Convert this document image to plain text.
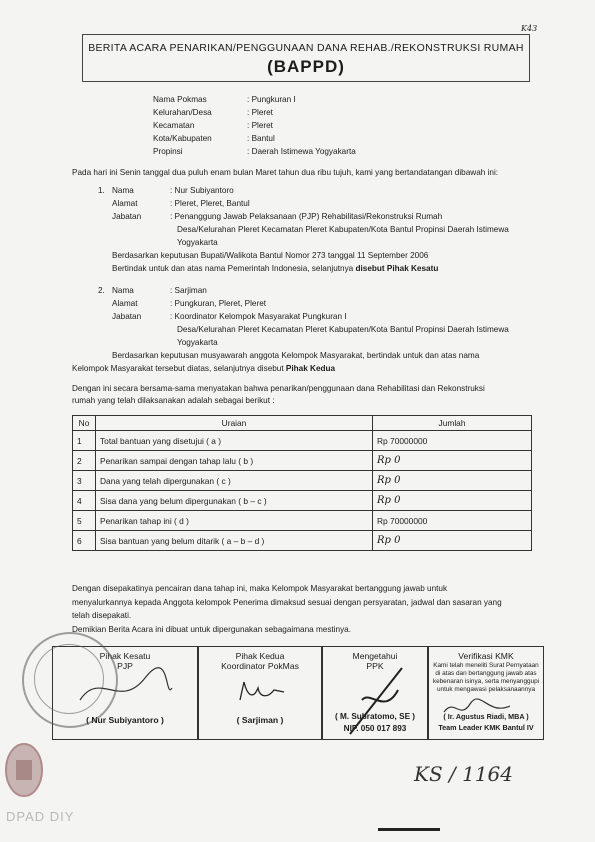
K43
BERITA ACARA PENARIKAN/PENGGUNAAN DANA REHAB./REKONSTRUKSI RUMAH
(BAPPD)
Nama Pokmas	: Pungkuran I
Kelurahan/Desa	: Pleret
Kecamatan	: Pleret
Kota/Kabupaten	: Bantul
Propinsi	: Daerah Istimewa Yogyakarta
Pada hari ini Senin tanggal dua puluh enam bulan Maret tahun dua ribu tujuh, kami yang bertandatangan dibawah ini:
1. Nama	: Nur Subiyantoro
Alamat	: Pleret, Pleret, Bantul
Jabatan	: Penanggung Jawab Pelaksanaan (PJP) Rehabilitasi/Rekonstruksi Rumah
Desa/Kelurahan Pleret Kecamatan Pleret Kabupaten/Kota Bantul Propinsi Daerah Istimewa
Yogyakarta
Berdasarkan keputusan Bupati/Walikota Bantul Nomor 273 tanggal 11 September 2006
Bertindak untuk dan atas nama Pemerintah Indonesia, selanjutnya disebut Pihak Kesatu
2. Nama	: Sarjiman
Alamat	: Pungkuran, Pleret, Pleret
Jabatan	: Koordinator Kelompok Masyarakat Pungkuran I
Desa/Kelurahan Pleret Kecamatan Pleret Kabupaten/Kota Bantul Propinsi Daerah Istimewa
Yogyakarta
Berdasarkan keputusan musyawarah anggota Kelompok Masyarakat, bertindak untuk dan atas nama
Kelompok Masyarakat tersebut diatas, selanjutnya disebut Pihak Kedua
Dengan ini secara bersama-sama menyatakan bahwa penarikan/penggunaan dana Rehabilitasi dan Rekonstruksi
rumah yang telah dilaksanakan adalah sebagai berikut :
No	Uraian	Jumlah
1	Total bantuan yang disetujui ( a )	Rp 70000000
2	Penarikan sampai dengan tahap lalu ( b )	Rp 0
3	Dana yang telah dipergunakan ( c )	Rp 0
4	Sisa dana yang belum dipergunakan ( b – c )	Rp 0
5	Penarikan tahap ini ( d )	Rp 70000000
6	Sisa bantuan yang belum ditarik ( a – b – d )	Rp 0
Dengan disepakatinya pencairan dana tahap ini, maka Kelompok Masyarakat bertanggung jawab untuk
menyalurkannya kepada Anggota kelompok Penerima dimaksud sesuai dengan persyaratan, jadwal dan sasaran yang
telah disepakati.
Demikian Berita Acara ini dibuat untuk dipergunakan sebagaimana mestinya.
Pihak Kesatu
PJP
( Nur Subiyantoro )
Pihak Kedua
Koordinator PokMas
( Sarjiman )
Mengetahui
PPK
( M. Subratomo, SE )
NIP. 050 017 893
Verifikasi KMK
Kami telah meneliti Surat Pernyataan
di atas dan bertanggung jawab atas
kebenaran isinya, serta menyanggupi
untuk mengawasi pelaksanaannya
( Ir. Agustus Riadi, MBA )
Team Leader KMK Bantul IV
KS / 1164
DPAD DIY
